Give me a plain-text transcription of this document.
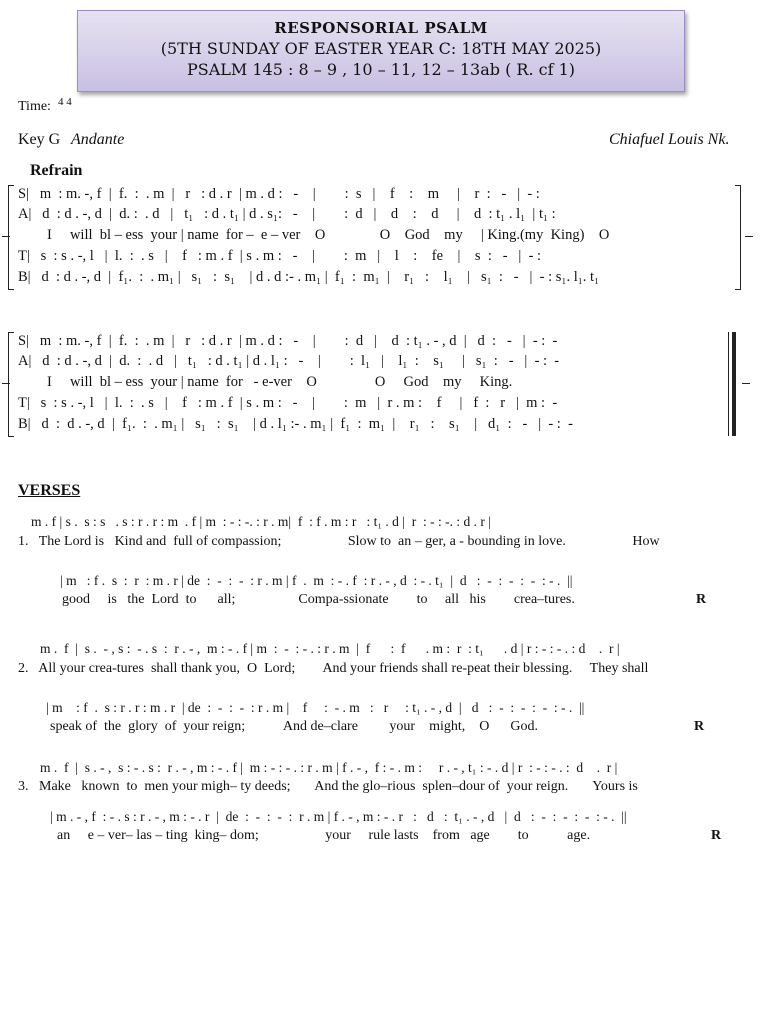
RESPONSORIAL PSALM
(5TH SUNDAY OF EASTER YEAR C: 18TH MAY 2025)
PSALM 145 : 8 – 9 , 10 – 11, 12 – 13ab ( R. cf 1)
Time: 4 4
Key G Andante	Chiafuel Louis Nk.
Refrain
S|   m  : m. -, f  |  f.  :  . m  |   r   : d . r  | m . d :   -    |        :  s   |    f    :    m     |    r  :   -   |  - :
A|   d  : d . -, d  |  d. :  . d   |   t₁   : d . t₁ | d . s₁:   -    |        :  d   |    d    :    d     |    d  : t₁ . l₁  | t₁ :
I     will  bl – ess  your | name  for –  e – ver    O               O    God    my     | King.(my  King)    O
T|   s  : s . -, l   |  l.  :  . s   |    f   : m . f  | s . m :   -    |        :  m   |    l    :    fe    |    s  :   -   |  - :
B|   d  : d . -, d  |  f₁.  :  . m₁ |   s₁   :  s₁    | d . d :- . m₁ |  f₁  :  m₁  |    r₁   :    l₁    |   s₁  :   -   |  - : s₁. l₁. t₁
S|   m  : m. -, f  |  f.  :  . m  |   r   : d . r  | m . d :   -    |        :  d   |    d  : t₁ . - , d  |   d  :   -   |  - :  -
A|   d  : d . -, d  |  d.  :  . d   |   t₁   : d . t₁ | d . l₁ :   -    |        :  l₁   |    l₁  :    s₁     |   s₁  :   -   |  - :  -
I     will  bl – ess  your | name  for   - e-ver    O                O     God    my     King.
T|   s  : s . -, l   |  l.  :  . s   |    f   : m . f  | s . m :   -    |        :  m   |  r . m :    f     |   f  :   r   |  m :  -
B|   d  :  d . -, d  |  f₁.  :  . m₁ |   s₁   :  s₁    | d . l₁ :- . m₁ |  f₁  :  m₁  |    r₁   :    s₁    |   d₁  :   -   |  - :  -
VERSES
m . f | s .  s : s   . s : r . r : m  . f | m  : - : -. : r . m|  f  : f . m : r   : t₁ . d |  r  : - : -. : d . r |
1.   The Lord is   Kind and  full of compassion;                   Slow to  an – ger, a - bounding in love.                   How
| m   : f .  s  :  r  : m . r | de  :  -  :  -  : r . m | f  .  m  : - . f  : r . - , d  : - . t₁  |  d   :  -  :  -  :  -  : - .  ||
good     is   the  Lord  to      all;                  Compa-ssionate        to     all   his        crea–tures.	R
m .  f  |  s .  - , s :  - . s  :  r . - ,  m : - . f | m  :  -  : - . : r . m  |  f      :  f      . m :  r  : t₁      . d | r : - : - . : d    .  r |
2.   All your crea-tures  shall thank you,  O  Lord;        And your friends shall re-peat their blessing.     They shall
| m    : f  .  s : r . r : m . r  | de  :  -  :  -  : r . m |    f     :  - . m   :   r     : t₁ . - , d  |   d   :  -  :  -  :  -  : - .  ||
speak of  the  glory  of  your reign;           And de–clare         your    might,    O      God.	R
m .  f  |  s . - ,  s : - . s :  r . - , m : - . f |  m : - : - . : r . m | f . - ,  f : - . m :     r . - , t₁ : - . d | r  : - : - . :  d    .  r |
3.   Make   known  to  men your migh– ty deeds;       And the glo–rious  splen–dour of  your reign.       Yours is
| m . - , f  : - . s : r . - , m : - . r  |  de  :  -  :  -  :  r . m | f . - , m : - . r   :   d   :  t₁ . - , d   |  d   :  -  :  -  :  -  : - .  ||
an     e – ver– las – ting  king– dom;                   your     rule lasts    from   age        to           age.	R
